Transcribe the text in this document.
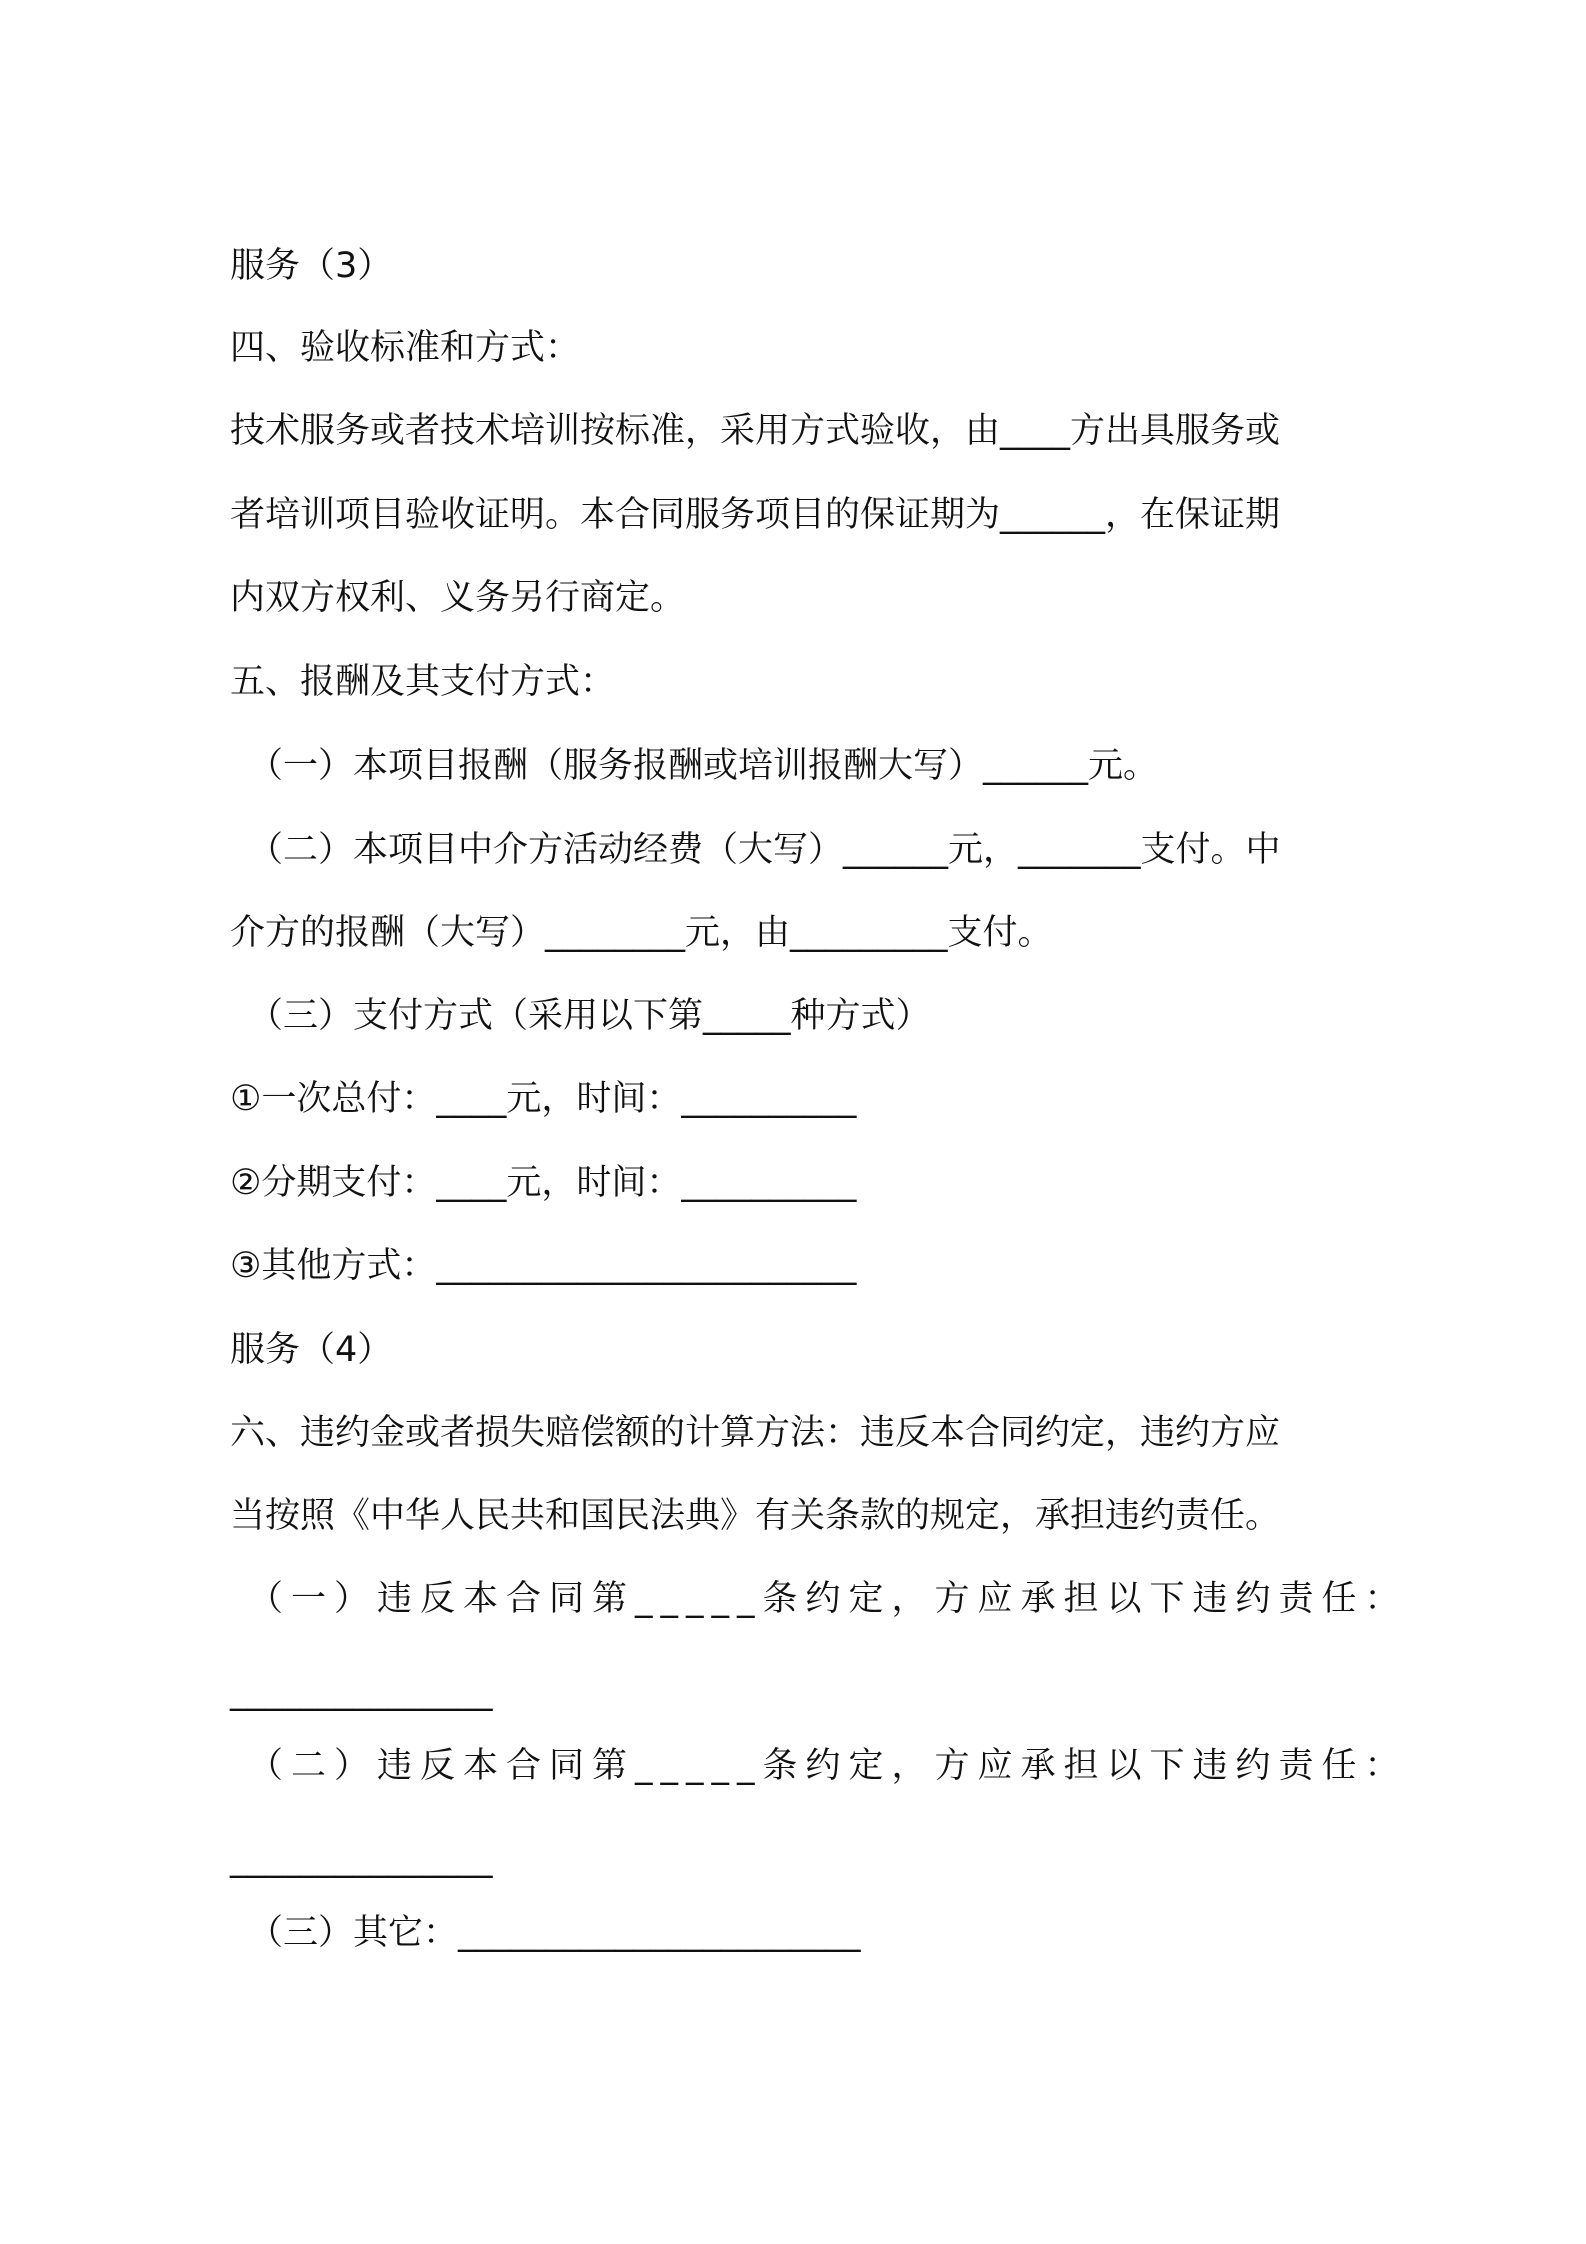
服务（3）
四、验收标准和方式：
技术服务或者技术培训按标准，采用方式验收，由____方出具服务或
者培训项目验收证明。本合同服务项目的保证期为______，在保证期
内双方权利、义务另行商定。
五、报酬及其支付方式：
（一）本项目报酬（服务报酬或培训报酬大写）______元。
（二）本项目中介方活动经费（大写）______元，_______支付。中
介方的报酬（大写）________元，由_________支付。
（三）支付方式（采用以下第_____种方式）
①一次总付：____元，时间：__________
②分期支付：____元，时间：__________
③其他方式：________________________
服务（4）
六、违约金或者损失赔偿额的计算方法：违反本合同约定，违约方应
当按照《中华人民共和国民法典》有关条款的规定，承担违约责任。
（一）违反本合同第_____条约定，方应承担以下违约责任：
_______________
（二）违反本合同第_____条约定，方应承担以下违约责任：
_______________
（三）其它：_______________________
